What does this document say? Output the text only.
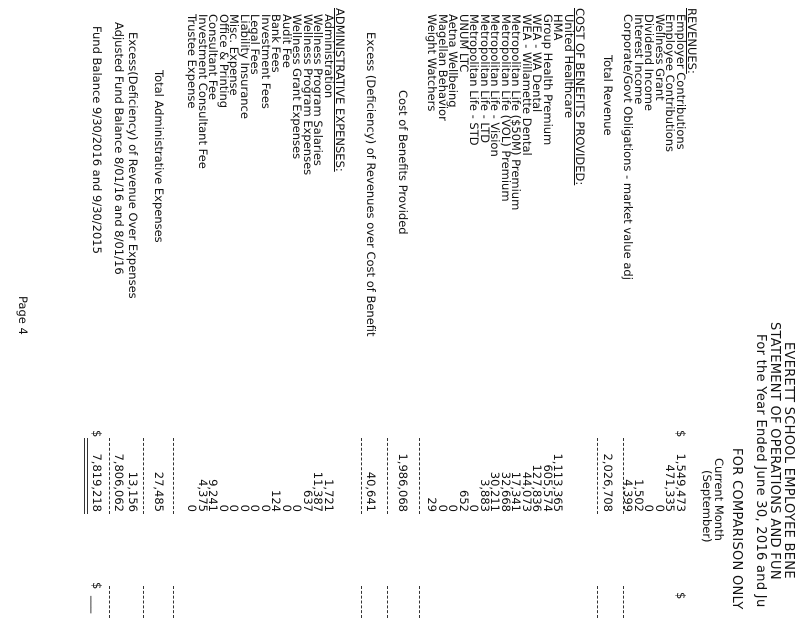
EVERETT SCHOOL EMPLOYEE BENE
STATEMENT OF OPERATIONS AND FUN
For the Year Ended June 30, 2016 and Ju
FOR COMPARISON ONLY
Current Month
(September)
REVENUES:
Employer Contributions
1,549,473
$
Employee Contributions
471,335
Wellness Grant
0
Dividend Income
0
Interest Income
1,502
Corporate/Govt Obligations - market value adj
4,399
Total Revenue
2,026,708
COST OF BENEFITS PROVIDED:
United Healthcare
HMA
1,113,365
Group Health Premium
605,574
WEA - WA Dental
127,836
WEA - Willamette Dental
44,073
Metropolitan Life ($50M) Premium
17,341
Metropolitan Life (VOL) Premium
32,668
Metropolitan Life - Vision
30,211
Metropolitan Life - LTD
3,883
Metropolitan Life - STD
0
UNUM LTC
652
Aetna Wellbeing
0
Magellan Behavior
0
Weight Watchers
29
Cost of Benefits Provided
1,986,068
Excess (Deficiency) of Revenues over Cost of Benefit
40,641
ADMINISTRATIVE EXPENSES:
Administration
1,721
Wellness Program Salaries
11,387
Wellness Program Expenses
637
Wellness Grant Expenses
0
Audit Fee
0
Bank Fees
124
Investment Fees
0
Legal Fees
0
Liability Insurance
0
Misc. Expense
0
Office & Printing
0
Consultant Fee
9,241
Investment Consultant Fee
4,375
Trustee Expense
0
Total Administrative Expenses
27,485
Excess(Deficiency) of Revenue Over Expenses
13,156
Adjusted Fund Balance 8/01/16 and 8/01/16
7,806,062
Fund Balance 9/30/2016 and 9/30/2015
$
7,819,218
$
$
___
Page 4
